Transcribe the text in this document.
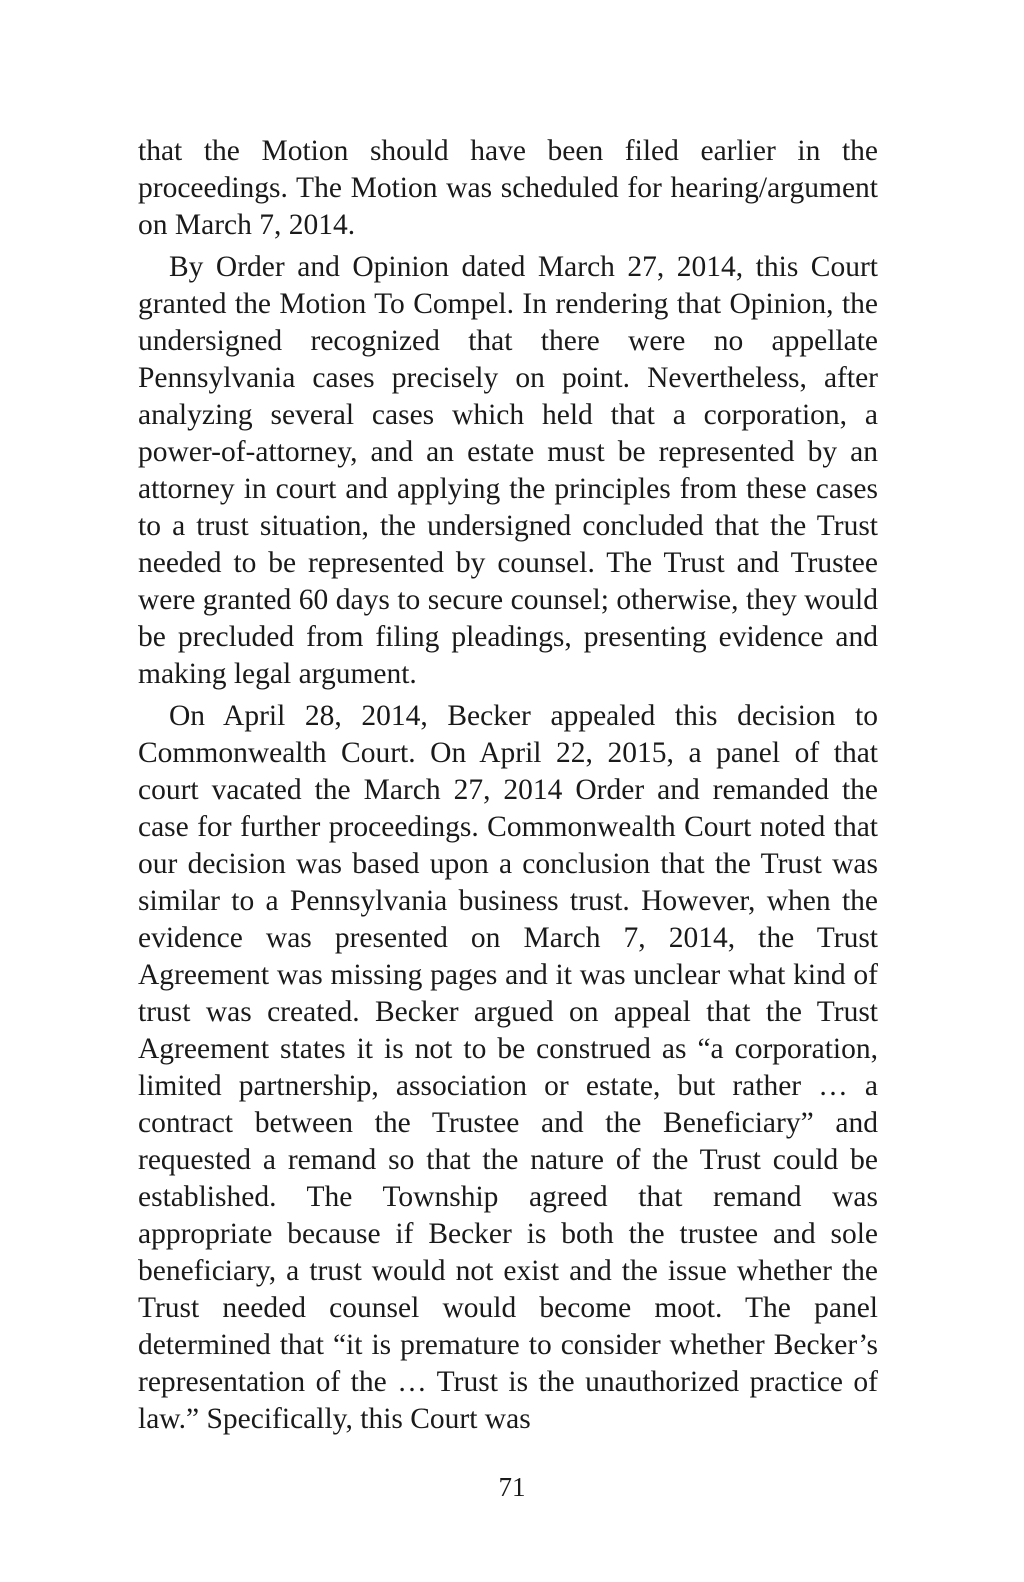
that the Motion should have been filed earlier in the proceedings. The Motion was scheduled for hearing/argument on March 7, 2014.

By Order and Opinion dated March 27, 2014, this Court granted the Motion To Compel. In rendering that Opinion, the undersigned recognized that there were no appellate Pennsylvania cases precisely on point. Nevertheless, after analyzing several cases which held that a corporation, a power-of-attorney, and an estate must be represented by an attorney in court and applying the principles from these cases to a trust situation, the undersigned concluded that the Trust needed to be represented by counsel. The Trust and Trustee were granted 60 days to secure counsel; otherwise, they would be precluded from filing pleadings, presenting evidence and making legal argument.

On April 28, 2014, Becker appealed this decision to Commonwealth Court. On April 22, 2015, a panel of that court vacated the March 27, 2014 Order and remanded the case for further proceedings. Commonwealth Court noted that our decision was based upon a conclusion that the Trust was similar to a Pennsylvania business trust. However, when the evidence was presented on March 7, 2014, the Trust Agreement was missing pages and it was unclear what kind of trust was created. Becker argued on appeal that the Trust Agreement states it is not to be construed as “a corporation, limited partnership, association or estate, but rather … a contract between the Trustee and the Beneficiary” and requested a remand so that the nature of the Trust could be established. The Township agreed that remand was appropriate because if Becker is both the trustee and sole beneficiary, a trust would not exist and the issue whether the Trust needed counsel would become moot. The panel determined that “it is premature to consider whether Becker’s representation of the … Trust is the unauthorized practice of law.” Specifically, this Court was

71
